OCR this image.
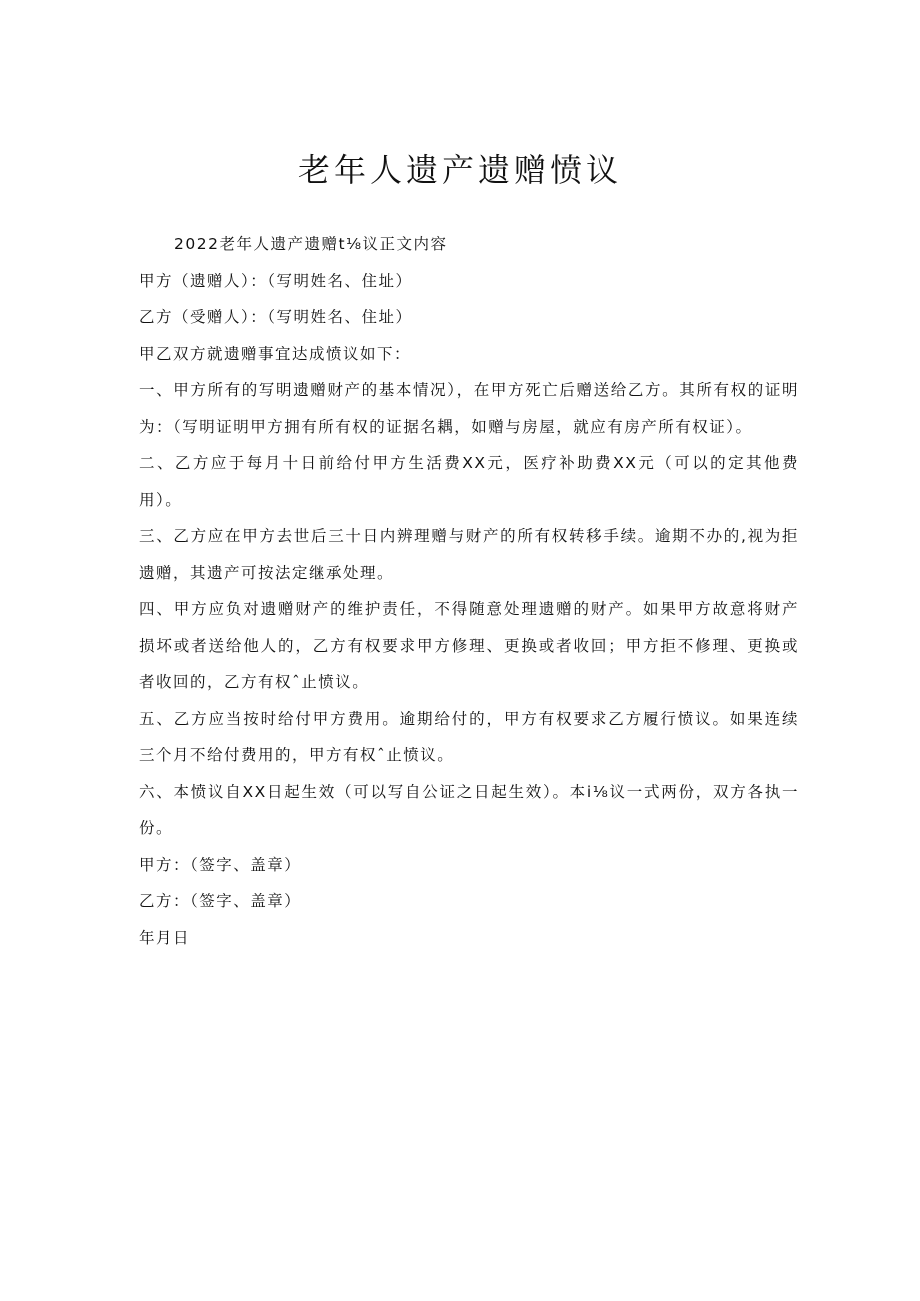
老年人遗产遗赠愤议

2022老年人遗产遗赠t⅛议正文内容

甲方（遗赠人）：（写明姓名、住址）

乙方（受赠人）：（写明姓名、住址）

甲乙双方就遗赠事宜达成愤议如下：

一、甲方所有的写明遗赠财产的基本情况），在甲方死亡后赠送给乙方。其所有权的证明为：（写明证明甲方拥有所有权的证据名耦，如赠与房屋，就应有房产所有权证）。

二、乙方应于每月十日前给付甲方生活费XX元，医疗补助费XX元（可以的定其他费用）。

三、乙方应在甲方去世后三十日内辨理赠与财产的所有权转移手续。逾期不办的,视为拒遗赠，其遗产可按法定继承处理。

四、甲方应负对遗赠财产的维护责任，不得随意处理遗赠的财产。如果甲方故意将财产损坏或者送给他人的，乙方有权要求甲方修理、更换或者收回；甲方拒不修理、更换或者收回的，乙方有权ˆ止愤议。

五、乙方应当按时给付甲方费用。逾期给付的，甲方有权要求乙方履行愤议。如果连续三个月不给付费用的，甲方有权ˆ止愤议。

六、本愤议自XX日起生效（可以写自公证之日起生效）。本i⅛议一式两份，双方各执一份。

甲方：（签字、盖章）

乙方：（签字、盖章）

年月日
